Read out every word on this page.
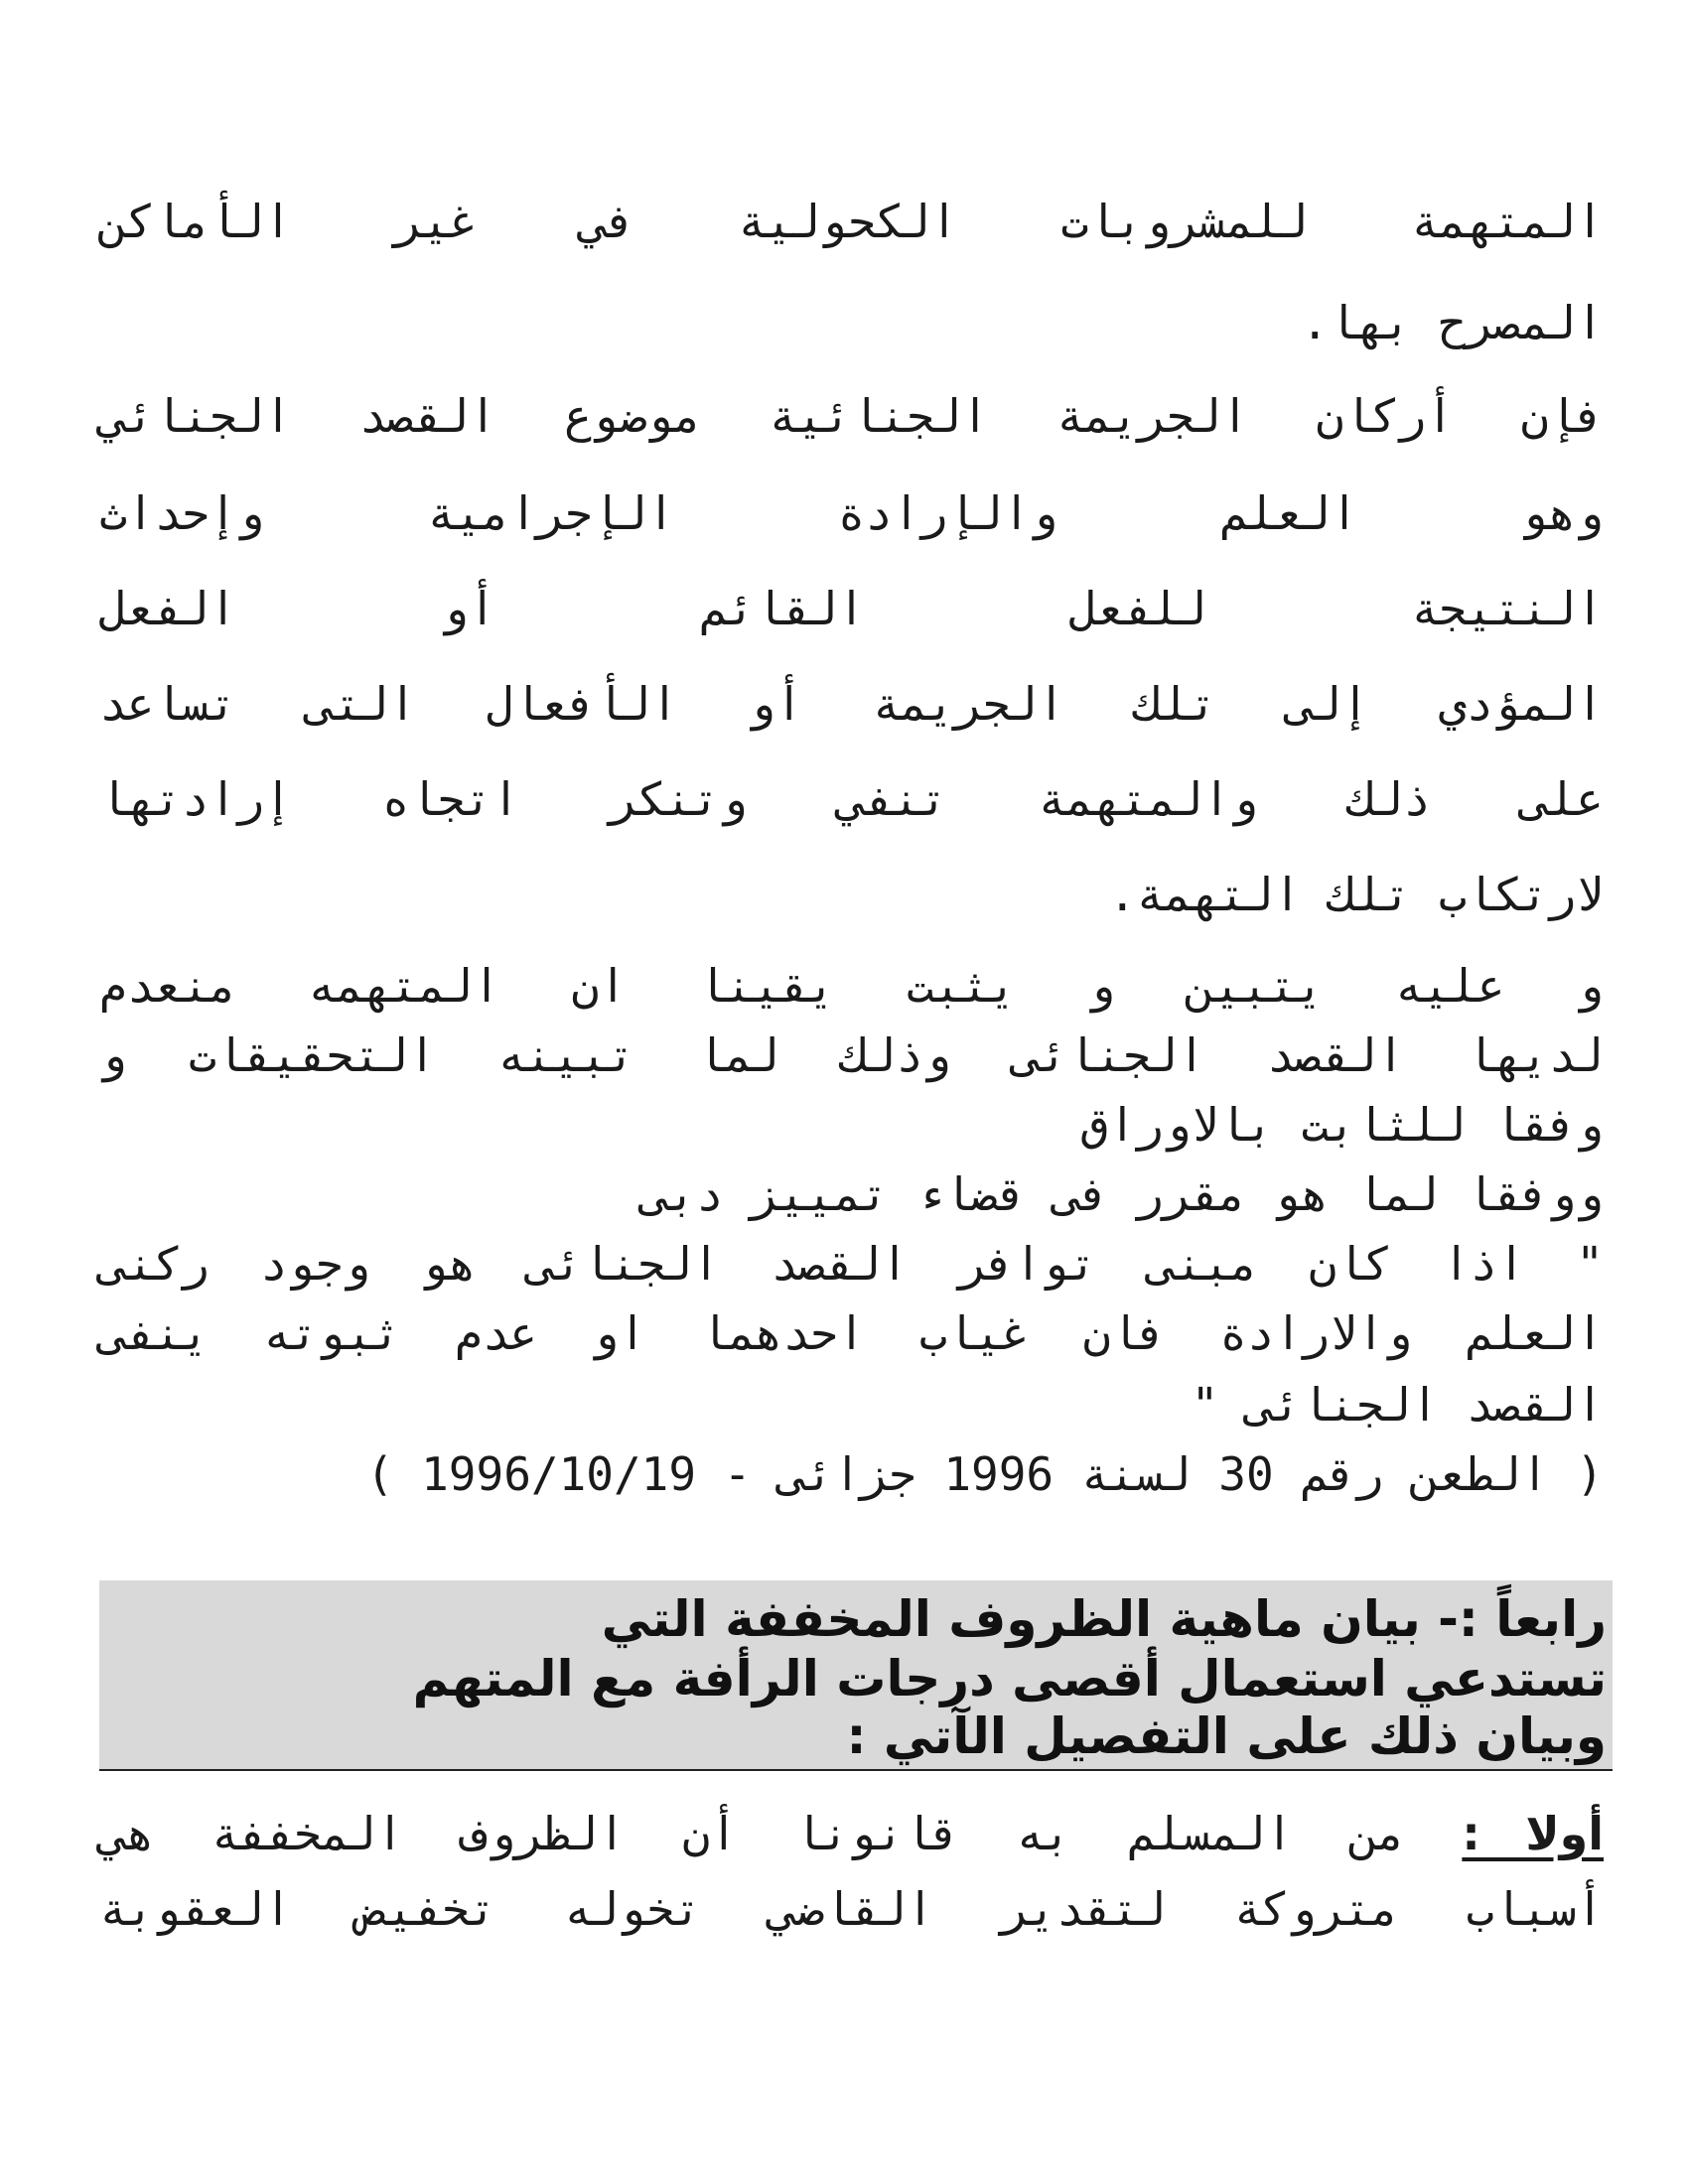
المتهمة للمشروبات الكحولية في غير الأماكن
المصرح بها.
فإن أركان الجريمة الجنائية موضوع القصد الجنائي
وهو العلم والإرادة الإجرامية وإحداث
النتيجة للفعل القائم أو الفعل
المؤدي إلى تلك الجريمة أو الأفعال التى تساعد
على ذلك والمتهمة تنفي وتنكر اتجاه إرادتها
لارتكاب تلك التهمة.
و عليه يتبين و يثبت يقينا ان المتهمه منعدم
لديها القصد الجنائى وذلك لما تبينه التحقيقات و
وفقا للثابت بالاوراق
ووفقا لما هو مقرر فى قضاء تمييز دبى
" اذا كان مبنى توافر القصد الجنائى هو وجود ركنى
العلم والارادة فان غياب احدهما او عدم ثبوته ينفى
القصد الجنائى "
( الطعن رقم 30 لسنة 1996 جزائى - 1996/10/19 )
رابعاً :- بيان ماهية الظروف المخففة التي
تستدعي استعمال أقصى درجات الرأفة مع المتهم
وبيان ذلك على التفصيل الآتي :
أولا : من المسلم به قانونا أن الظروف المخففة هي
أسباب متروكة لتقدير القاضي تخوله تخفيض العقوبة
